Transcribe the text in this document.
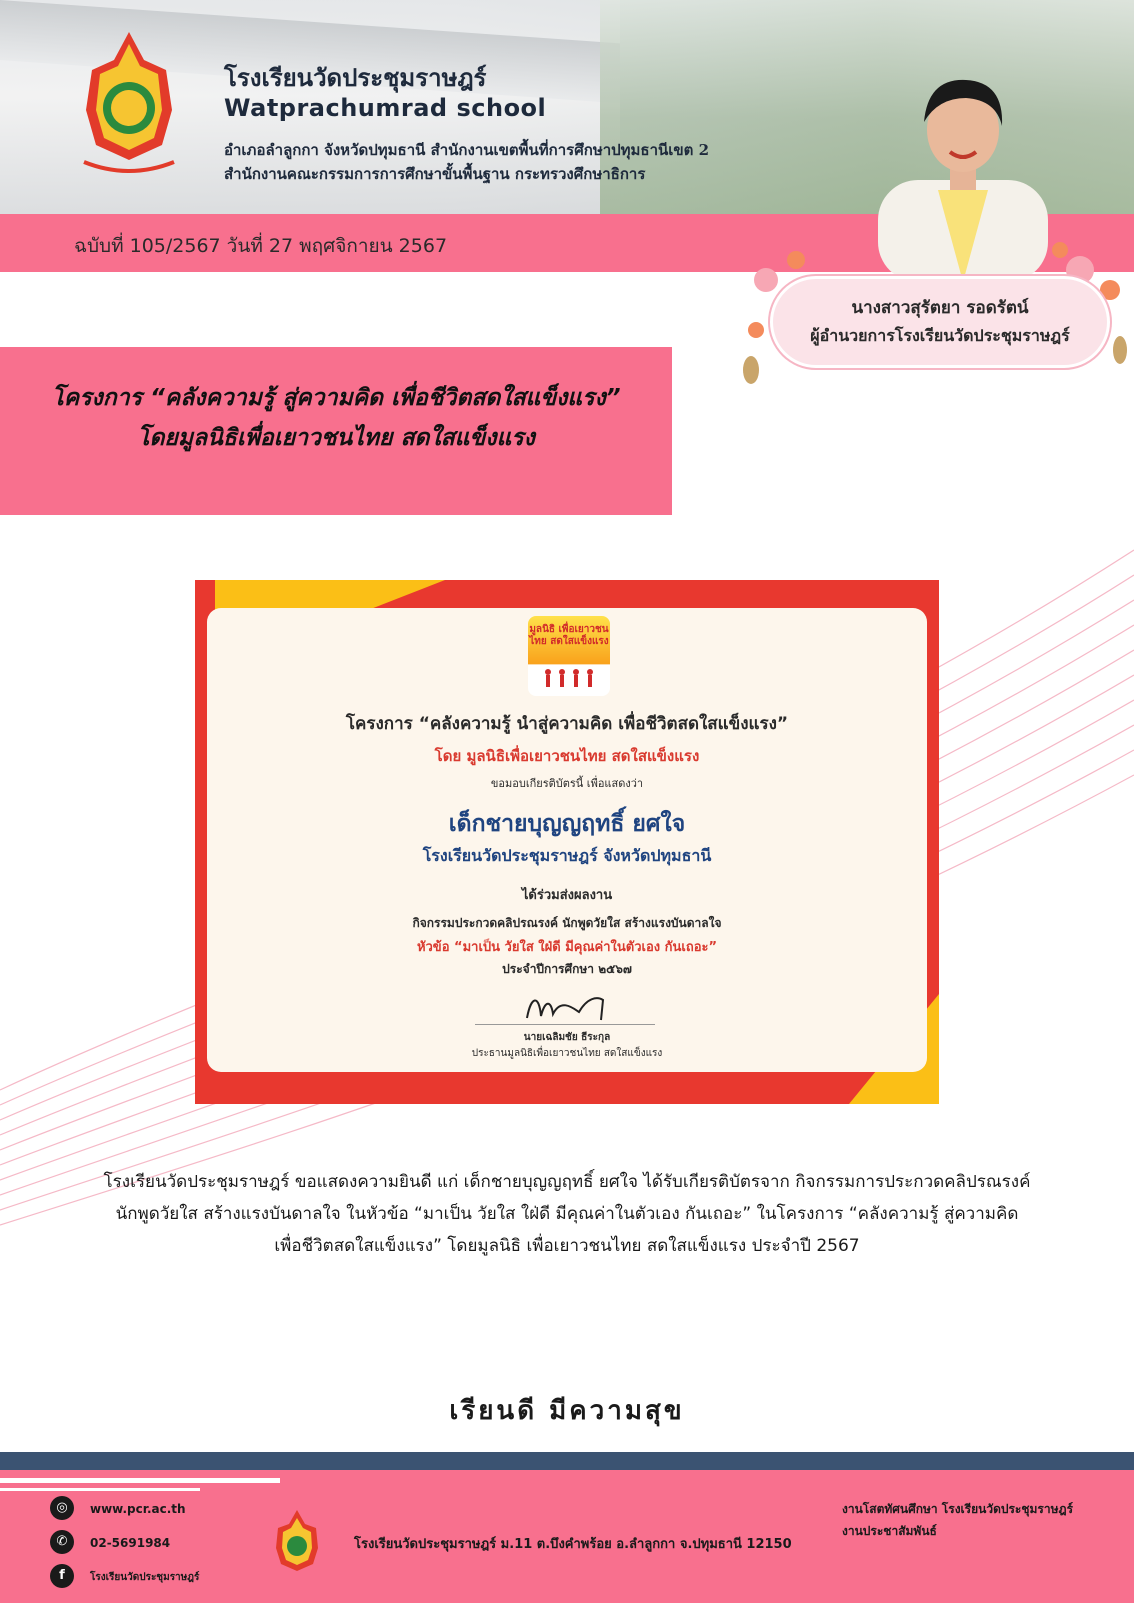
โรงเรียนวัดประชุมราษฎร์
Watprachumrad school
อำเภอลำลูกกา จังหวัดปทุมธานี สำนักงานเขตพื้นที่การศึกษาปทุมธานีเขต 2
สำนักงานคณะกรรมการการศึกษาขั้นพื้นฐาน กระทรวงศึกษาธิการ
ฉบับที่ 105/2567 วันที่ 27 พฤศจิกายน 2567
นางสาวสุรัตยา รอดรัตน์
ผู้อำนวยการโรงเรียนวัดประชุมราษฎร์
โครงการ “คลังความรู้ สู่ความคิด เพื่อชีวิตสดใสแข็งแรง”
โดยมูลนิธิเพื่อเยาวชนไทย สดใสแข็งแรง
มูลนิธิ เพื่อเยาวชนไทย สดใสแข็งแรง
โครงการ “คลังความรู้ นำสู่ความคิด เพื่อชีวิตสดใสแข็งแรง”
โดย มูลนิธิเพื่อเยาวชนไทย สดใสแข็งแรง
ขอมอบเกียรติบัตรนี้ เพื่อแสดงว่า
เด็กชายบุญญฤทธิ์ ยศใจ
โรงเรียนวัดประชุมราษฎร์ จังหวัดปทุมธานี
ได้ร่วมส่งผลงาน
กิจกรรมประกวดคลิปรณรงค์ นักพูดวัยใส สร้างแรงบันดาลใจ
หัวข้อ “มาเป็น วัยใส ใฝ่ดี มีคุณค่าในตัวเอง กันเถอะ”
ประจำปีการศึกษา ๒๕๖๗
นายเฉลิมชัย ธีระกุล
ประธานมูลนิธิเพื่อเยาวชนไทย สดใสแข็งแรง
โรงเรียนวัดประชุมราษฎร์ ขอแสดงความยินดี แก่ เด็กชายบุญญฤทธิ์ ยศใจ ได้รับเกียรติบัตรจาก กิจกรรมการประกวดคลิปรณรงค์ นักพูดวัยใส สร้างแรงบันดาลใจ ในหัวข้อ “มาเป็น วัยใส ใฝ่ดี มีคุณค่าในตัวเอง กันเถอะ” ในโครงการ “คลังความรู้ สู่ความคิด เพื่อชีวิตสดใสแข็งแรง” โดยมูลนิธิ เพื่อเยาวชนไทย สดใสแข็งแรง ประจำปี 2567
เรียนดี มีความสุข
◎	www.pcr.ac.th
✆	02-5691984
f	โรงเรียนวัดประชุมราษฎร์
โรงเรียนวัดประชุมราษฎร์ ม.11 ต.บึงคำพร้อย อ.ลำลูกกา จ.ปทุมธานี 12150
งานโสตทัศนศึกษา โรงเรียนวัดประชุมราษฎร์
งานประชาสัมพันธ์
